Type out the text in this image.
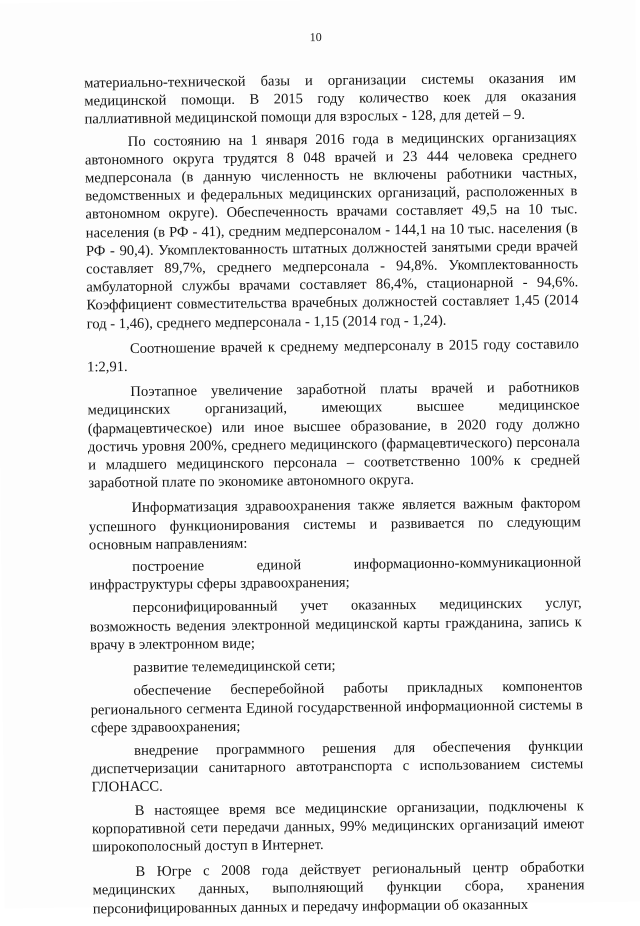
10

материально-технической базы и организации системы оказания им медицинской помощи. В 2015 году количество коек для оказания паллиативной медицинской помощи для взрослых - 128, для детей – 9.

По состоянию на 1 января 2016 года в медицинских организациях автономного округа трудятся 8 048 врачей и 23 444 человека среднего медперсонала (в данную численность не включены работники частных, ведомственных и федеральных медицинских организаций, расположенных в автономном округе). Обеспеченность врачами составляет 49,5 на 10 тыс. населения (в РФ - 41), средним медперсоналом - 144,1 на 10 тыс. населения (в РФ - 90,4). Укомплектованность штатных должностей занятыми среди врачей составляет 89,7%, среднего медперсонала - 94,8%. Укомплектованность амбулаторной службы врачами составляет 86,4%, стационарной - 94,6%. Коэффициент совместительства врачебных должностей составляет 1,45 (2014 год - 1,46), среднего медперсонала - 1,15 (2014 год - 1,24).

Соотношение врачей к среднему медперсоналу в 2015 году составило 1:2,91.

Поэтапное увеличение заработной платы врачей и работников медицинских организаций, имеющих высшее медицинское (фармацевтическое) или иное высшее образование, в 2020 году должно достичь уровня 200%, среднего медицинского (фармацевтического) персонала и младшего медицинского персонала – соответственно 100% к средней заработной плате по экономике автономного округа.

Информатизация здравоохранения также является важным фактором успешного функционирования системы и развивается по следующим основным направлениям:

построение единой информационно-коммуникационной инфраструктуры сферы здравоохранения;

персонифицированный учет оказанных медицинских услуг, возможность ведения электронной медицинской карты гражданина, запись к врачу в электронном виде;

развитие телемедицинской сети;

обеспечение бесперебойной работы прикладных компонентов регионального сегмента Единой государственной информационной системы в сфере здравоохранения;

внедрение программного решения для обеспечения функции диспетчеризации санитарного автотранспорта с использованием системы ГЛОНАСС.

В настоящее время все медицинские организации, подключены к корпоративной сети передачи данных, 99% медицинских организаций имеют широкополосный доступ в Интернет.

В Югре с 2008 года действует региональный центр обработки медицинских данных, выполняющий функции сбора, хранения персонифицированных данных и передачу информации об оказанных
